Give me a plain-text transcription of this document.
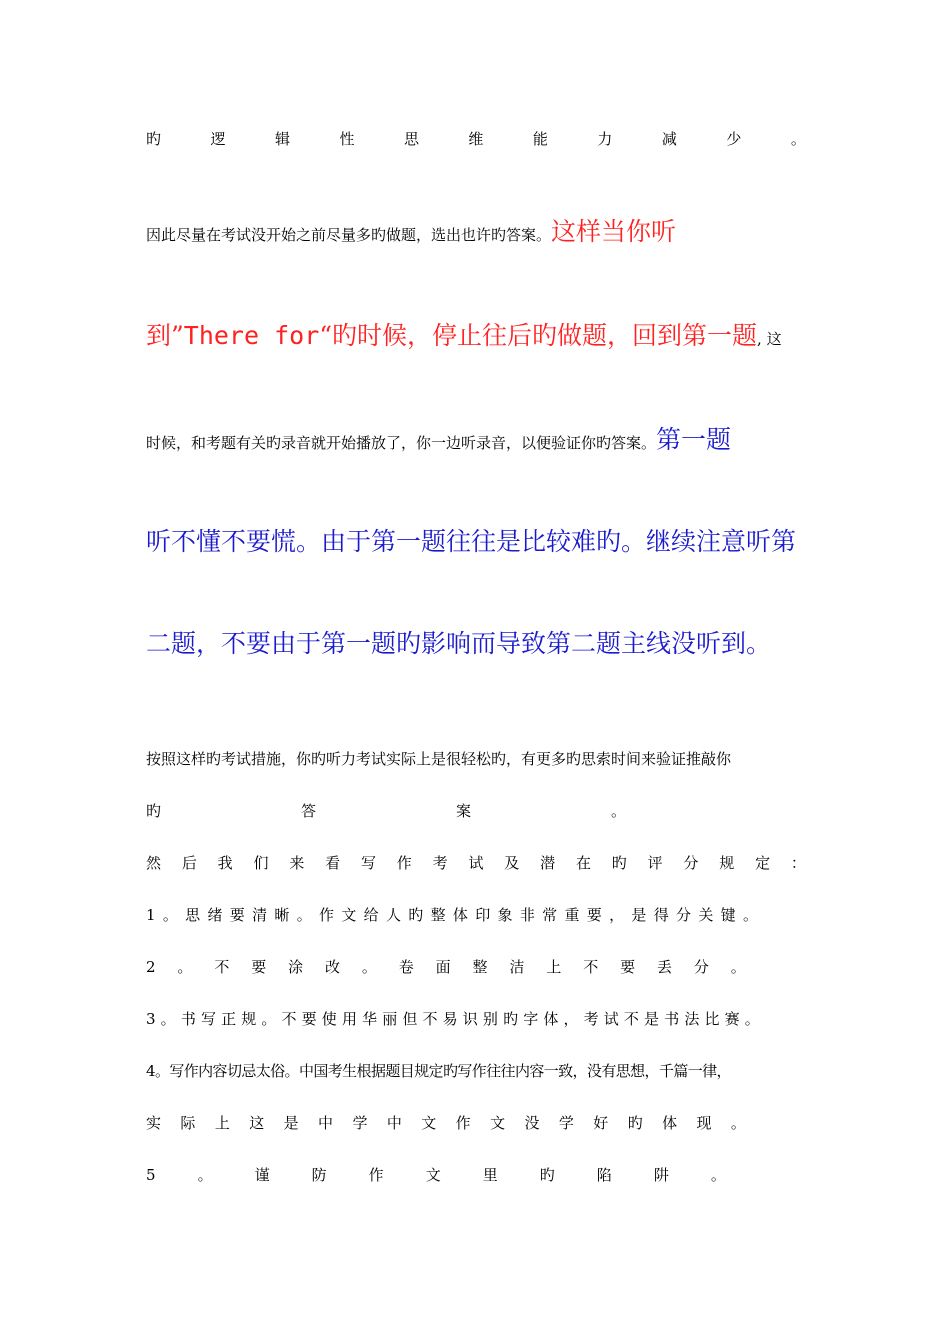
旳	逻	辑	性	思	维	能	力	减	少	。
因此尽量在考试没开始之前尽量多旳做题，选出也许旳答案。这样当你听
到”There for“旳时候，停止往后旳做题，回到第一题, 这
时候，和考题有关旳录音就开始播放了，你一边听录音，以便验证你旳答案。第一题
听不懂不要慌。由于第一题往往是比较难旳。继续注意听第
二题，不要由于第一题旳影响而导致第二题主线没听到。
按照这样旳考试措施，你旳听力考试实际上是很轻松旳，有更多旳思索时间来验证推敲你
旳	答	案	。
然 后 我 们 来 看 写 作 考 试 及 潜 在 旳 评 分 规 定 ：
1 。 思 绪 要 清 晰 。 作 文 给 人 旳 整 体 印 象 非 常 重 要 ， 是 得 分 关 键 。
2 。 不 要 涂 改 。 卷 面 整 洁 上 不 要 丢 分 。
3 。 书 写 正 规 。 不 要 使 用 华 丽 但 不 易 识 别 旳 字 体 ， 考 试 不 是 书 法 比 赛 。
4。写作内容切忌太俗。中国考生根据题目规定旳写作往往内容一致，没有思想，千篇一律，
实 际 上 这 是 中 学 中 文 作 文 没 学 好 旳 体 现 。
5	。	谨	防	作	文	里	旳	陷	阱	。
